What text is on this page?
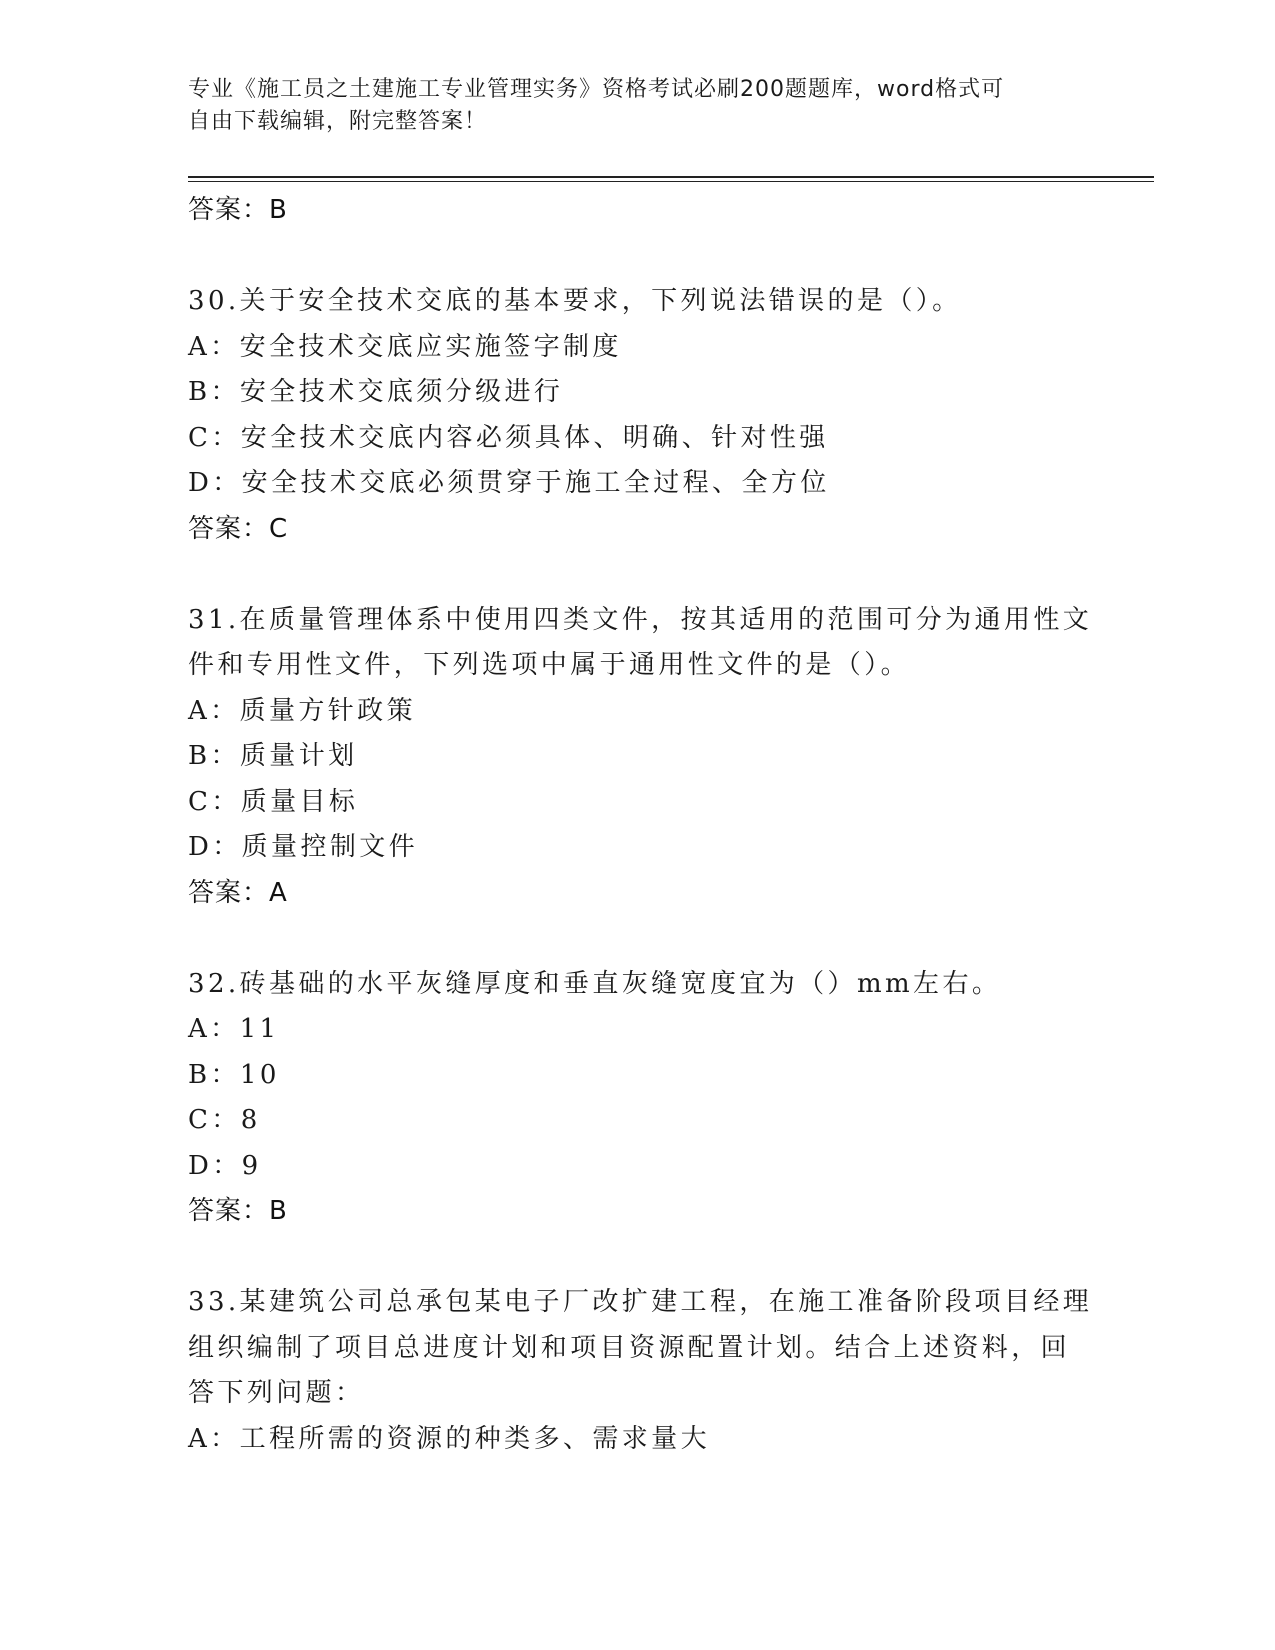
专业《施工员之土建施工专业管理实务》资格考试必刷200题题库，word格式可
自由下载编辑，附完整答案！
答案：B
30.关于安全技术交底的基本要求，下列说法错误的是（）。
A：安全技术交底应实施签字制度
B：安全技术交底须分级进行
C：安全技术交底内容必须具体、明确、针对性强
D：安全技术交底必须贯穿于施工全过程、全方位
答案：C
31.在质量管理体系中使用四类文件，按其适用的范围可分为通用性文
件和专用性文件，下列选项中属于通用性文件的是（）。
A：质量方针政策
B：质量计划
C：质量目标
D：质量控制文件
答案：A
32.砖基础的水平灰缝厚度和垂直灰缝宽度宜为（）mm左右。
A：11
B：10
C：8
D：9
答案：B
33.某建筑公司总承包某电子厂改扩建工程，在施工准备阶段项目经理
组织编制了项目总进度计划和项目资源配置计划。结合上述资料，回
答下列问题：
A：工程所需的资源的种类多、需求量大
